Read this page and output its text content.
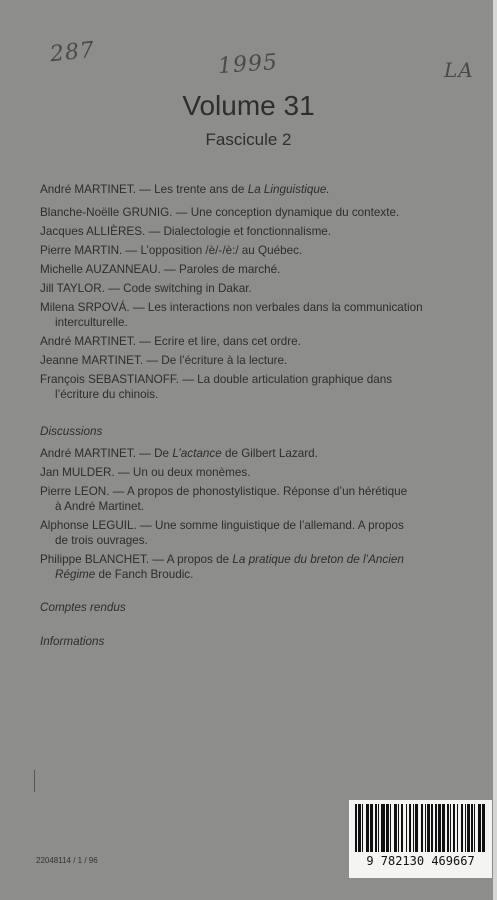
287	1995	LA
Volume 31
Fascicule 2
André MARTINET. — Les trente ans de La Linguistique.
Blanche-Noëlle GRUNIG. — Une conception dynamique du contexte.
Jacques ALLIÈRES. — Dialectologie et fonctionnalisme.
Pierre MARTIN. — L’opposition /è/-/è:/ au Québec.
Michelle AUZANNEAU. — Paroles de marché.
Jill TAYLOR. — Code switching in Dakar.
Milena SRPOVÁ. — Les interactions non verbales dans la communication
interculturelle.
André MARTINET. — Ecrire et lire, dans cet ordre.
Jeanne MARTINET. — De l’écriture à la lecture.
François SEBASTIANOFF. — La double articulation graphique dans
l’écriture du chinois.
Discussions
André MARTINET. — De L’actance de Gilbert Lazard.
Jan MULDER. — Un ou deux monèmes.
Pierre LEON. — A propos de phonostylistique. Réponse d’un hérétique
à André Martinet.
Alphonse LEGUIL. — Une somme linguistique de l’allemand. A propos
de trois ouvrages.
Philippe BLANCHET. — A propos de La pratique du breton de l’Ancien
Régime de Fanch Broudic.
Comptes rendus
Informations
22048114 / 1 / 96	9 782130 469667
